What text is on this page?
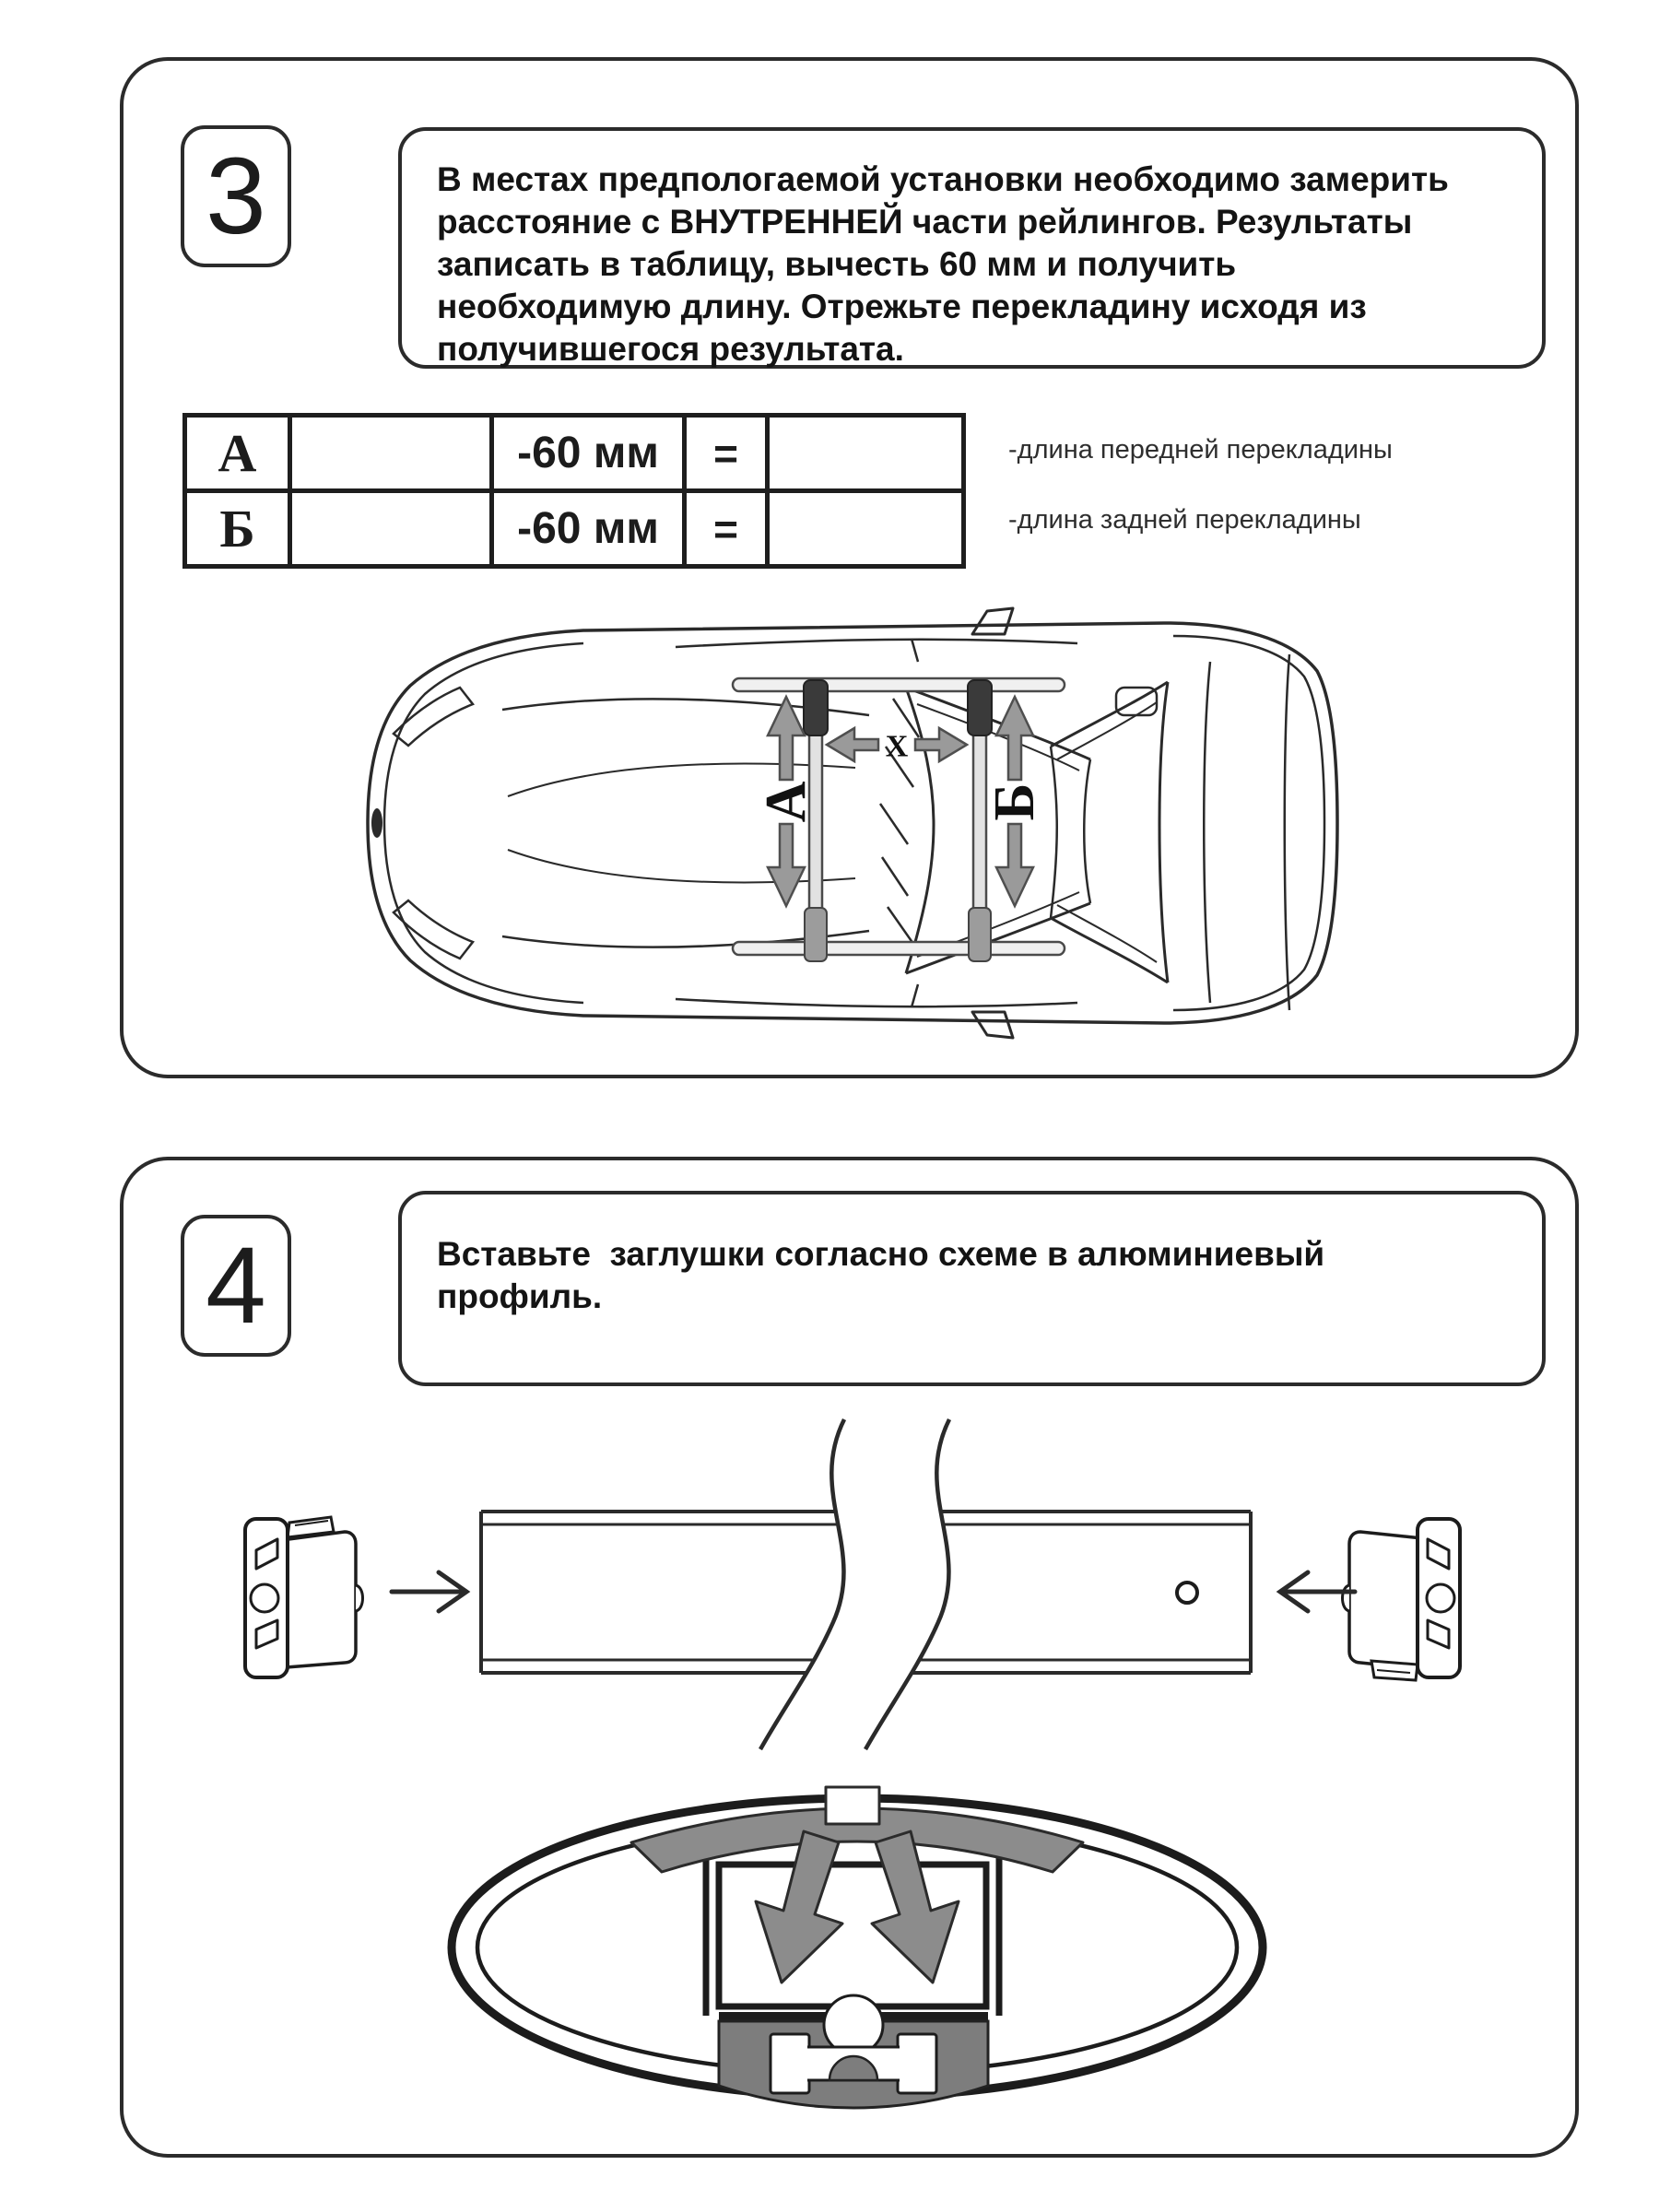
3	В местах предпологаемой установки необходимо замерить
расстояние с ВНУТРЕННЕЙ части рейлингов. Результаты
записать в таблицу, вычесть 60 мм и получить
необходимую длину. Отрежьте перекладину исходя из
получившегося результата.
А		-60 мм	=	
Б		-60 мм	=	
-длина передней перекладины
-длина задней перекладины
А	Б
Х
4	Вставьте  заглушки согласно схеме в алюминиевый
профиль.
